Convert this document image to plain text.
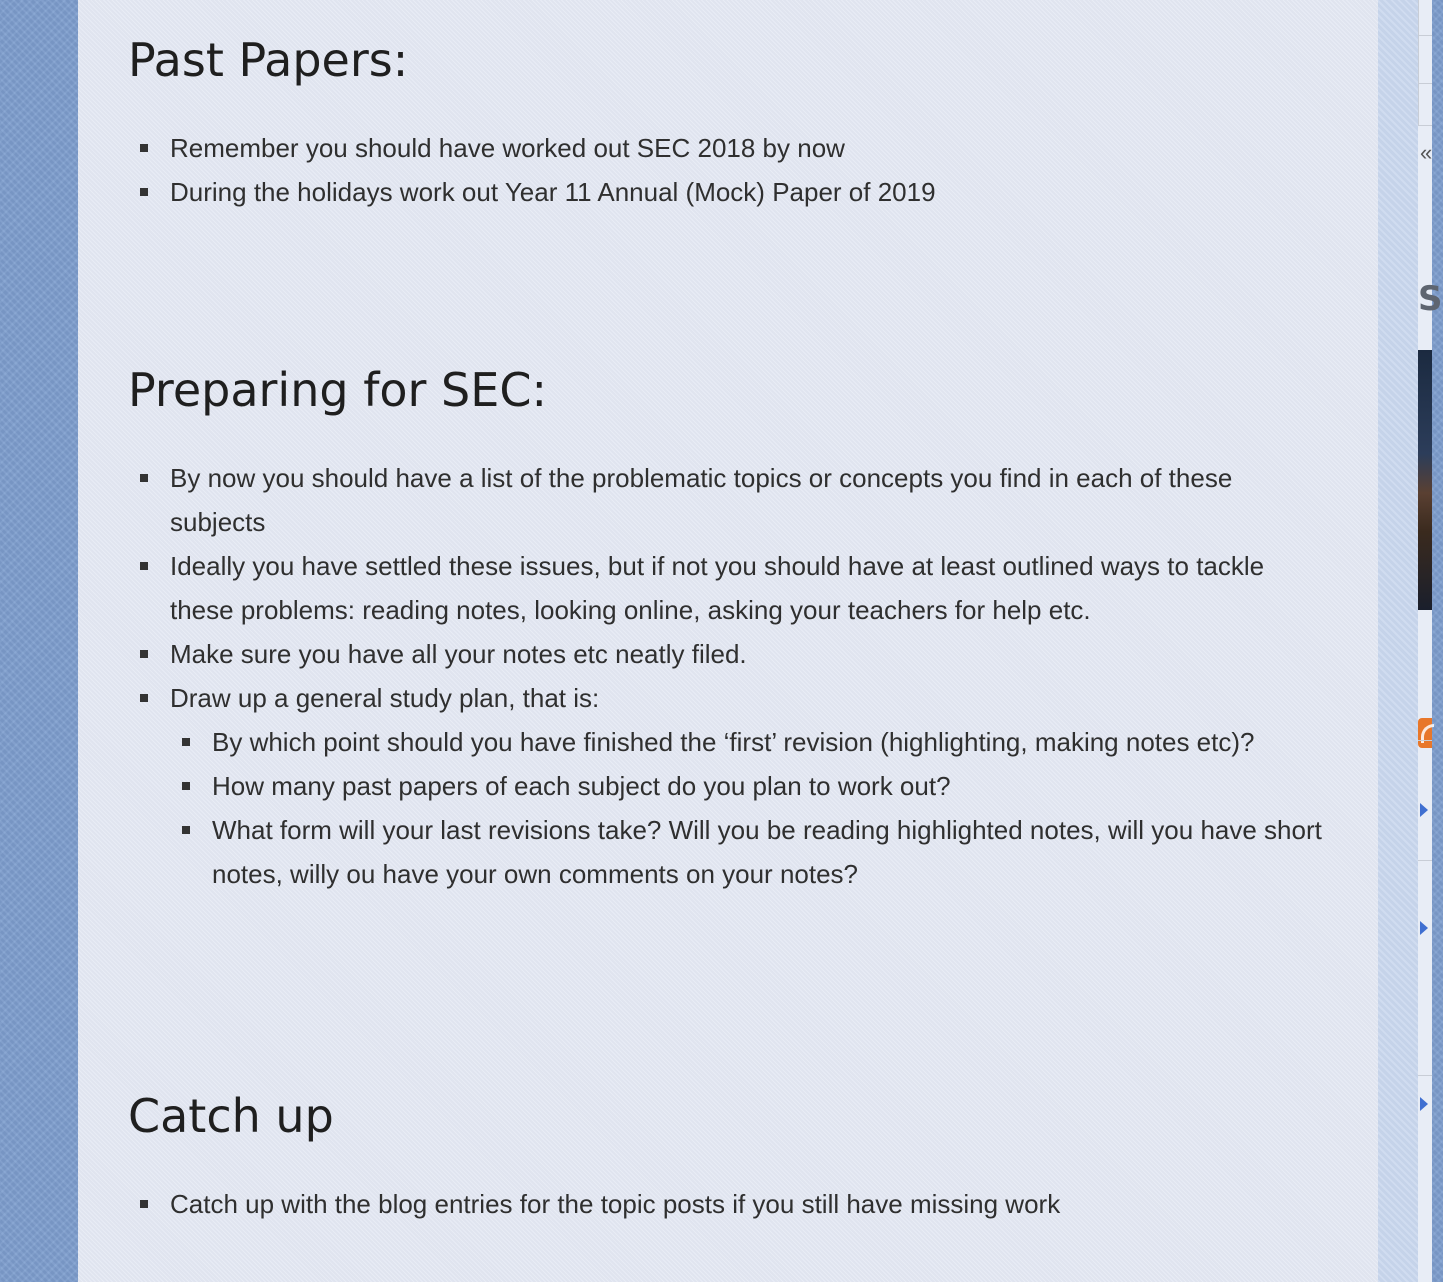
Past Papers:
Remember you should have worked out SEC 2018 by now
During the holidays work out Year 11 Annual (Mock) Paper of 2019
Preparing for SEC:
By now you should have a list of the problematic topics or concepts you find in each of these subjects
Ideally you have settled these issues, but if not you should have at least outlined ways to tackle these problems: reading notes, looking online, asking your teachers for help etc.
Make sure you have all your notes etc neatly filed.
Draw up a general study plan, that is:
By which point should you have finished the ‘first’ revision (highlighting, making notes etc)?
How many past papers of each subject do you plan to work out?
What form will your last revisions take? Will you be reading highlighted notes, will you have short notes, willy ou have your own comments on your notes?
Catch up
Catch up with the blog entries for the topic posts if you still have missing work
«
S
